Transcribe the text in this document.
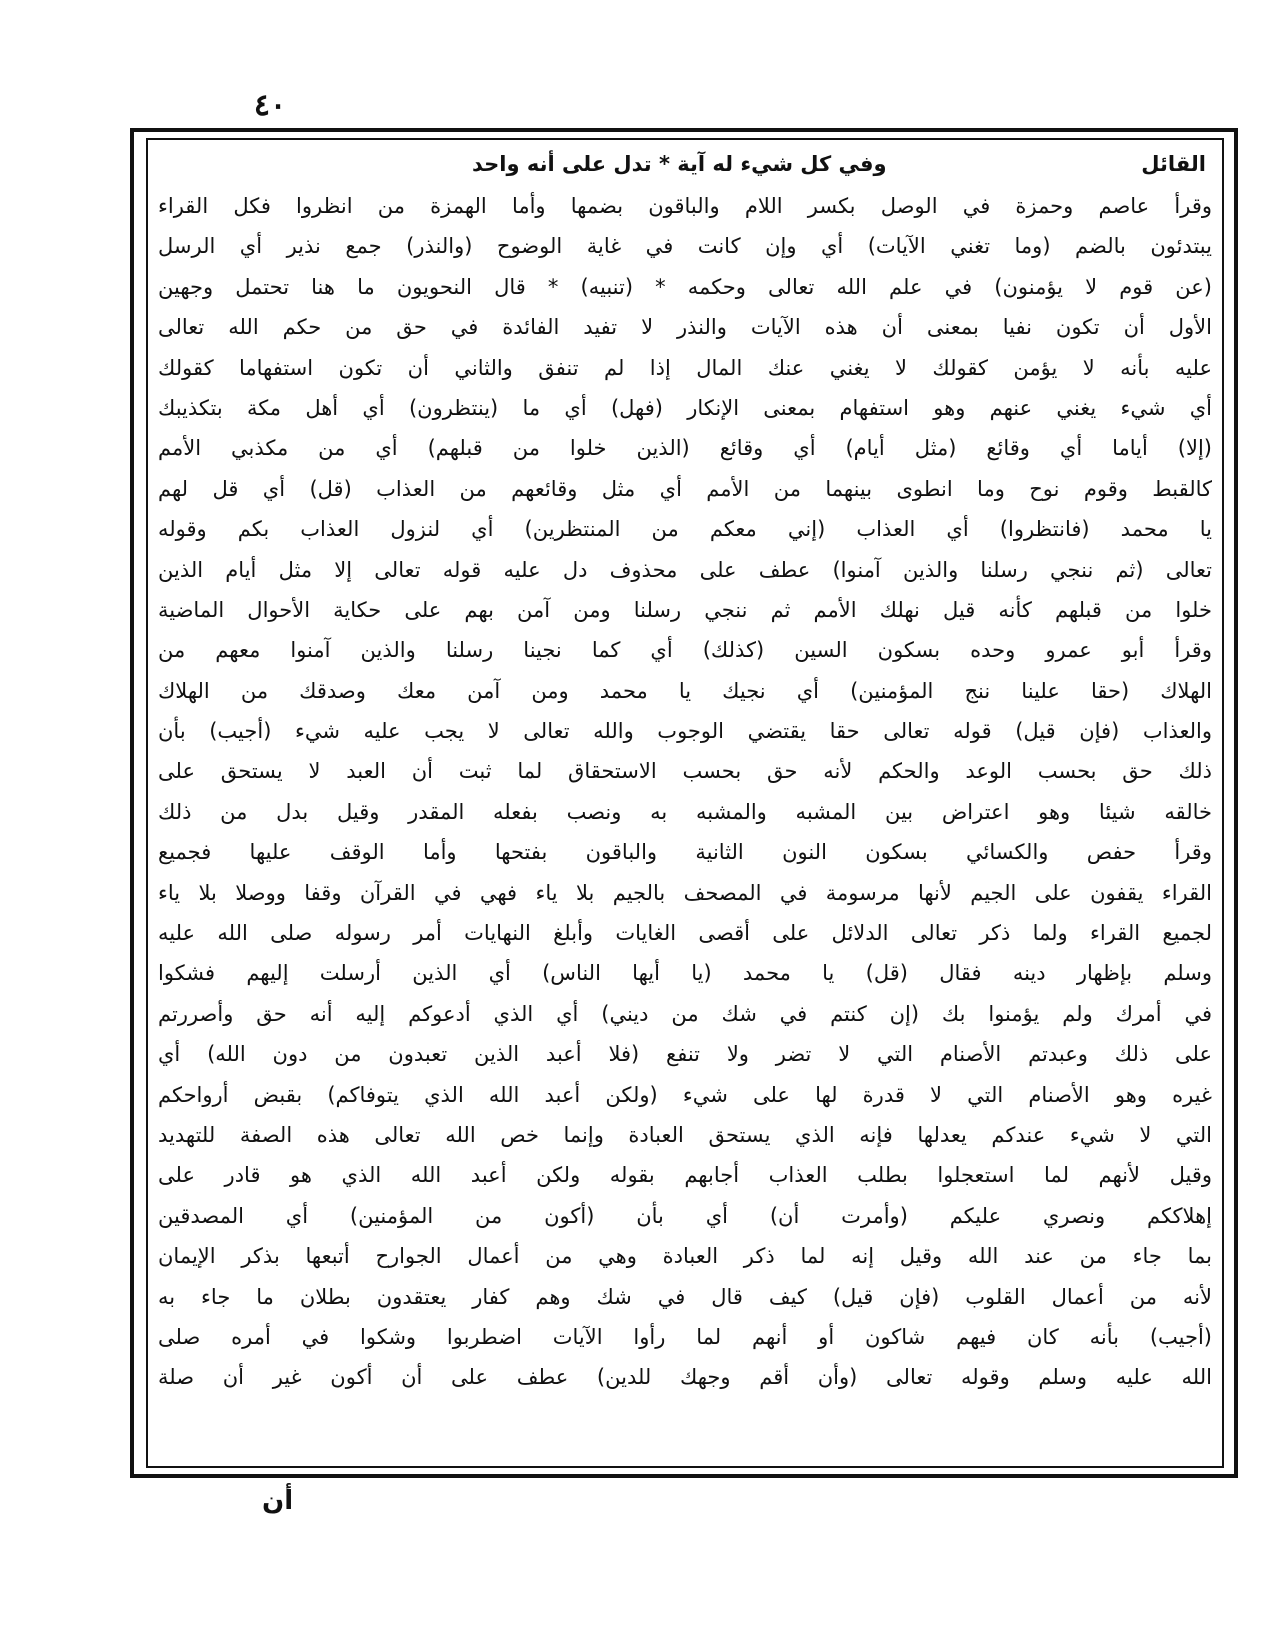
٤٠
القائل
وفي كل شيء له آية * تدل على أنه واحد
وقرأ عاصم وحمزة في الوصل بكسر اللام والباقون بضمها وأما الهمزة من انظروا فكل القراء
يبتدئون بالضم (وما تغني الآيات) أي وإن كانت في غاية الوضوح (والنذر) جمع نذير أي الرسل
(عن قوم لا يؤمنون) في علم الله تعالى وحكمه * (تنبيه) * قال النحويون ما هنا تحتمل وجهين
الأول أن تكون نفيا بمعنى أن هذه الآيات والنذر لا تفيد الفائدة في حق من حكم الله تعالى
عليه بأنه لا يؤمن كقولك لا يغني عنك المال إذا لم تنفق والثاني أن تكون استفهاما كقولك
أي شيء يغني عنهم وهو استفهام بمعنى الإنكار (فهل) أي ما (ينتظرون) أي أهل مكة بتكذيبك
(إلا) أياما أي وقائع (مثل أيام) أي وقائع (الذين خلوا من قبلهم) أي من مكذبي الأمم
كالقبط وقوم نوح وما انطوى بينهما من الأمم أي مثل وقائعهم من العذاب (قل) أي قل لهم
يا محمد (فانتظروا) أي العذاب (إني معكم من المنتظرين) أي لنزول العذاب بكم وقوله
تعالى (ثم ننجي رسلنا والذين آمنوا) عطف على محذوف دل عليه قوله تعالى إلا مثل أيام الذين
خلوا من قبلهم كأنه قيل نهلك الأمم ثم ننجي رسلنا ومن آمن بهم على حكاية الأحوال الماضية
وقرأ أبو عمرو وحده بسكون السين (كذلك) أي كما نجينا رسلنا والذين آمنوا معهم من
الهلاك (حقا علينا ننج المؤمنين) أي نجيك يا محمد ومن آمن معك وصدقك من الهلاك
والعذاب (فإن قيل) قوله تعالى حقا يقتضي الوجوب والله تعالى لا يجب عليه شيء (أجيب) بأن
ذلك حق بحسب الوعد والحكم لأنه حق بحسب الاستحقاق لما ثبت أن العبد لا يستحق على
خالقه شيئا وهو اعتراض بين المشبه والمشبه به ونصب بفعله المقدر وقيل بدل من ذلك
وقرأ حفص والكسائي بسكون النون الثانية والباقون بفتحها وأما الوقف عليها فجميع
القراء يقفون على الجيم لأنها مرسومة في المصحف بالجيم بلا ياء فهي في القرآن وقفا ووصلا بلا ياء
لجميع القراء ولما ذكر تعالى الدلائل على أقصى الغايات وأبلغ النهايات أمر رسوله صلى الله عليه
وسلم بإظهار دينه فقال (قل) يا محمد (يا أيها الناس) أي الذين أرسلت إليهم فشكوا
في أمرك ولم يؤمنوا بك (إن كنتم في شك من ديني) أي الذي أدعوكم إليه أنه حق وأصررتم
على ذلك وعبدتم الأصنام التي لا تضر ولا تنفع (فلا أعبد الذين تعبدون من دون الله) أي
غيره وهو الأصنام التي لا قدرة لها على شيء (ولكن أعبد الله الذي يتوفاكم) بقبض أرواحكم
التي لا شيء عندكم يعدلها فإنه الذي يستحق العبادة وإنما خص الله تعالى هذه الصفة للتهديد
وقيل لأنهم لما استعجلوا بطلب العذاب أجابهم بقوله ولكن أعبد الله الذي هو قادر على
إهلاككم ونصري عليكم (وأمرت أن) أي بأن (أكون من المؤمنين) أي المصدقين
بما جاء من عند الله وقيل إنه لما ذكر العبادة وهي من أعمال الجوارح أتبعها بذكر الإيمان
لأنه من أعمال القلوب (فإن قيل) كيف قال في شك وهم كفار يعتقدون بطلان ما جاء به
(أجيب) بأنه كان فيهم شاكون أو أنهم لما رأوا الآيات اضطربوا وشكوا في أمره صلى
الله عليه وسلم وقوله تعالى (وأن أقم وجهك للدين) عطف على أن أكون غير أن صلة
أن
